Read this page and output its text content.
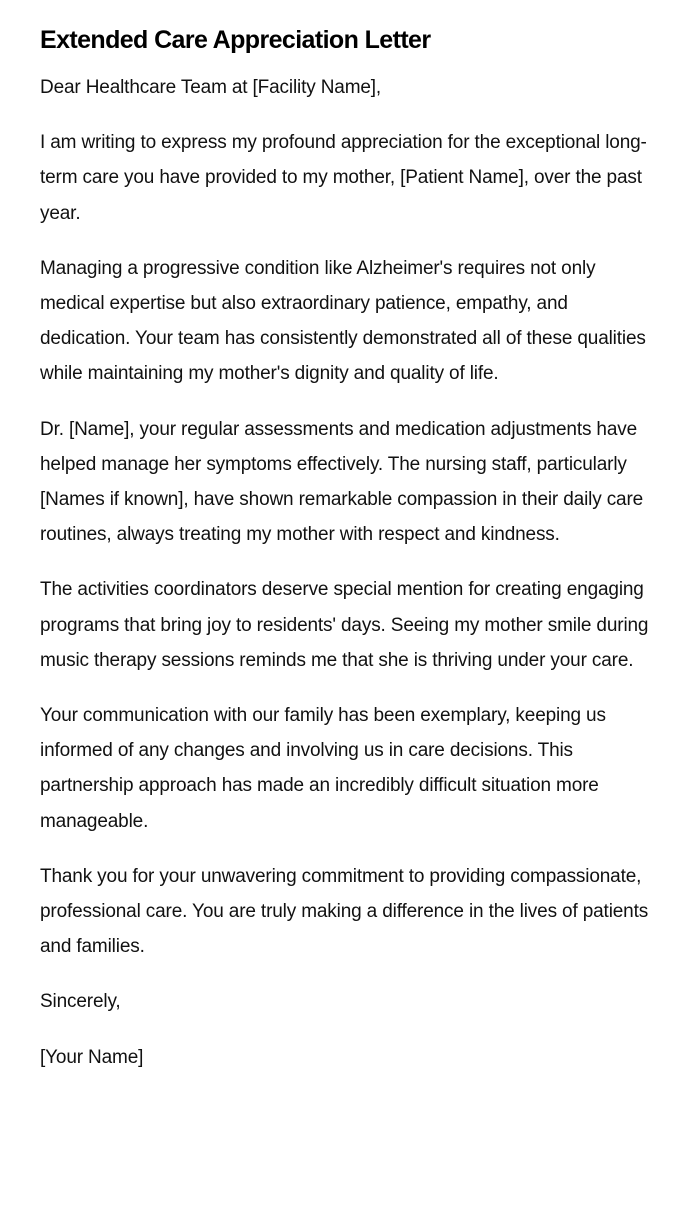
Extended Care Appreciation Letter

Dear Healthcare Team at [Facility Name],

I am writing to express my profound appreciation for the exceptional long-term care you have provided to my mother, [Patient Name], over the past year.

Managing a progressive condition like Alzheimer's requires not only medical expertise but also extraordinary patience, empathy, and dedication. Your team has consistently demonstrated all of these qualities while maintaining my mother's dignity and quality of life.

Dr. [Name], your regular assessments and medication adjustments have helped manage her symptoms effectively. The nursing staff, particularly [Names if known], have shown remarkable compassion in their daily care routines, always treating my mother with respect and kindness.

The activities coordinators deserve special mention for creating engaging programs that bring joy to residents' days. Seeing my mother smile during music therapy sessions reminds me that she is thriving under your care.

Your communication with our family has been exemplary, keeping us informed of any changes and involving us in care decisions. This partnership approach has made an incredibly difficult situation more manageable.

Thank you for your unwavering commitment to providing compassionate, professional care. You are truly making a difference in the lives of patients and families.

Sincerely,

[Your Name]
